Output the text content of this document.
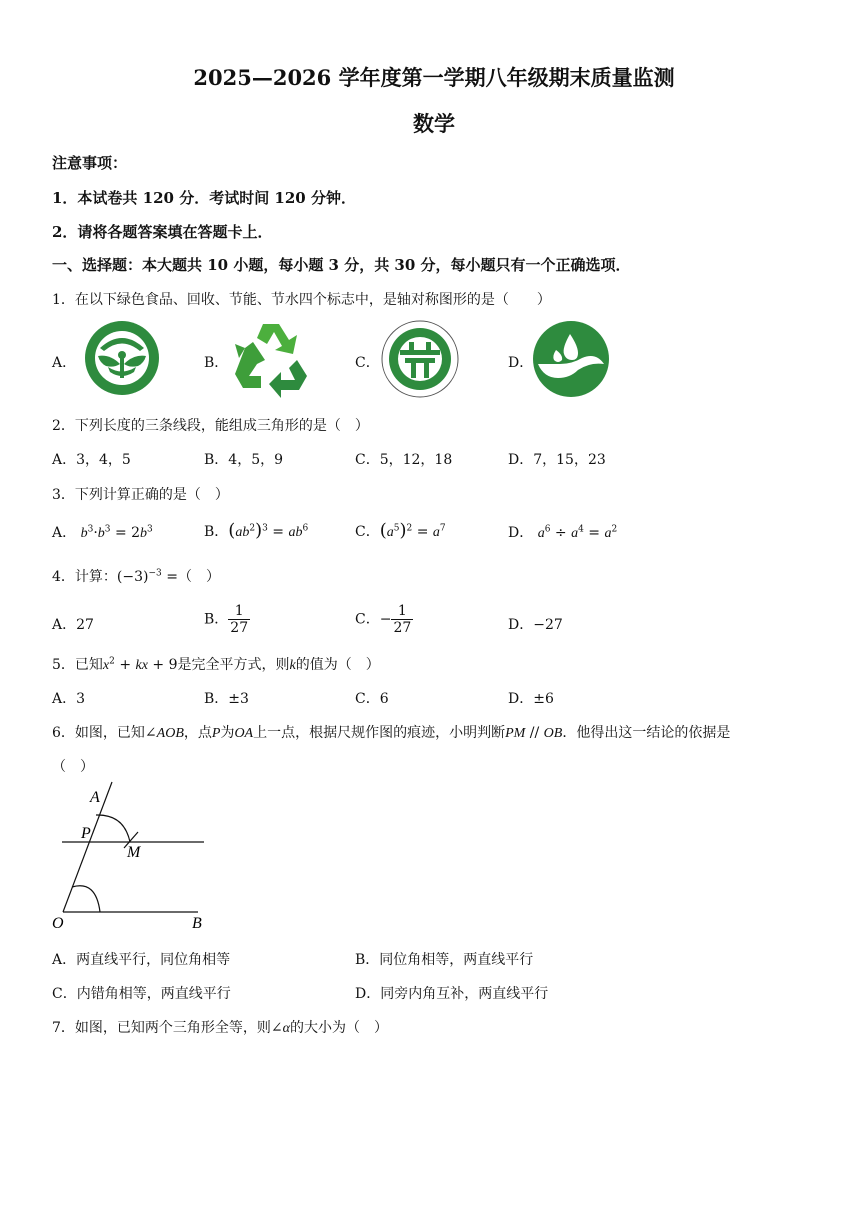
2025—2026 学年度第一学期八年级期末质量监测
数学
注意事项：
1．本试卷共 120 分．考试时间 120 分钟．
2．请将各题答案填在答题卡上．
一、选择题：本大题共 10 小题，每小题 3 分，共 30 分，每小题只有一个正确选项．
1．在以下绿色食品、回收、节能、节水四个标志中，是轴对称图形的是（　　）
A．	B．	C．	D．
2．下列长度的三条线段，能组成三角形的是（　）
A．3，4，5	B．4，5，9	C．5，12，18	D．7，15，23
3．下列计算正确的是（　）
A． $b^3\cdot b^3 = 2b^3$	B．$(ab^2)^3 = ab^6$	C．$(a^5)^2 = a^7$	D． $a^6 \div a^4 = a^2$
4．计算：$(-3)^{-3}$ =（　）
A．27	B． $\frac{1}{27}$	C．− $\frac{1}{27}$	D．−27
5．已知$x^2$ + kx + 9是完全平方式，则k的值为（　）
A．3	B．±3	C．6	D．±6
6．如图，已知∠AOB，点P为OA上一点，根据尺规作图的痕迹，小明判断PM // OB．他得出这一结论的依据是
（　）
A
P
M
O	B
A．两直线平行，同位角相等	B．同位角相等，两直线平行
C．内错角相等，两直线平行	D．同旁内角互补，两直线平行
7．如图，已知两个三角形全等，则∠α的大小为（　）
